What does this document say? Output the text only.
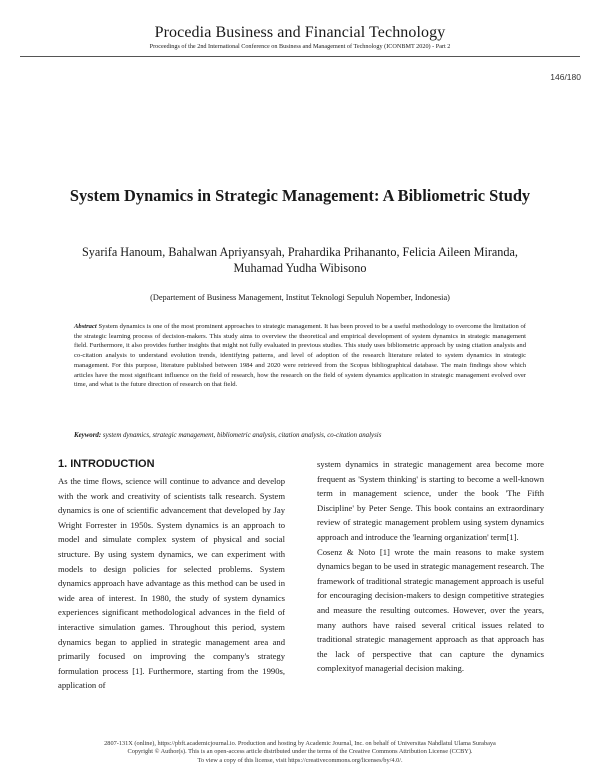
Procedia Business and Financial Technology
Proceedings of the 2nd International Conference on Business and Management of Technology (ICONBMT 2020) - Part 2
146/180
System Dynamics in Strategic Management: A Bibliometric Study
Syarifa Hanoum, Bahalwan Apriyansyah, Prahardika Prihananto, Felicia Aileen Miranda, Muhamad Yudha Wibisono
(Departement of Business Management, Institut Teknologi Sepuluh Nopember, Indonesia)
Abstract System dynamics is one of the most prominent approaches to strategic management. It has been proved to be a useful methodology to overcome the limitation of the strategic learning process of decision-makers. This study aims to overview the theoretical and empirical development of system dynamics in strategic management field. Furthermore, it also provides further insights that might not fully evaluated in previous studies. This study uses bibliometric approach by using citation analysis and co-citation analysis to understand evolution trends, identifying patterns, and level of adoption of the research literature related to system dynamics in strategic management. For this purpose, literature published between 1984 and 2020 were retrieved from the Scopus bibliographical database. The main findings show which articles have the most significant influence on the field of research, how the research on the field of system dynamics application in strategic management evolved over time, and what is the future direction of research on that field.
Keyword: system dynamics, strategic management, bibliometric analysis, citation analysis, co-citation analysis
1. INTRODUCTION
As the time flows, science will continue to advance and develop with the work and creativity of scientists talk research. System dynamics is one of scientific advancement that developed by Jay Wright Forrester in 1950s. System dynamics is an approach to model and simulate complex system of physical and social structure. By using system dynamics, we can experiment with models to design policies for selected problems. System dynamics approach have advantage as this method can be used in wide area of interest. In 1980, the study of system dynamics experiences significant methodological advances in the field of interactive simulation games. Throughout this period, system dynamics began to applied in strategic management area and primarily focused on improving the company's strategy formulation process [1]. Furthermore, starting from the 1990s, application of
system dynamics in strategic management area become more frequent as 'System thinking' is starting to become a well-known term in management science, under the book 'The Fifth Discipline' by Peter Senge. This book contains an extraordinary review of strategic management problem using system dynamics approach and introduce the 'learning organization' term[1].
Cosenz & Noto [1] wrote the main reasons to make system dynamics began to be used in strategic management research. The framework of traditional strategic management approach is useful for encouraging decision-makers to design competitive strategies and measure the resulting outcomes. However, over the years, many authors have raised several critical issues related to traditional strategic management approach as that approach has the lack of perspective that can capture the dynamics complexityof managerial decision making.
2807-131X (online), https://pbft.academicjournal.io. Production and hosting by Academic Journal, Inc. on behalf of Universitas Nahdlatul Ulama Surabaya
Copyright © Author(s). This is an open-access article distributed under the terms of the Creative Commons Attribution License (CCBY).
To view a copy of this license, visit https://creativecommons.org/licenses/by/4.0/.
